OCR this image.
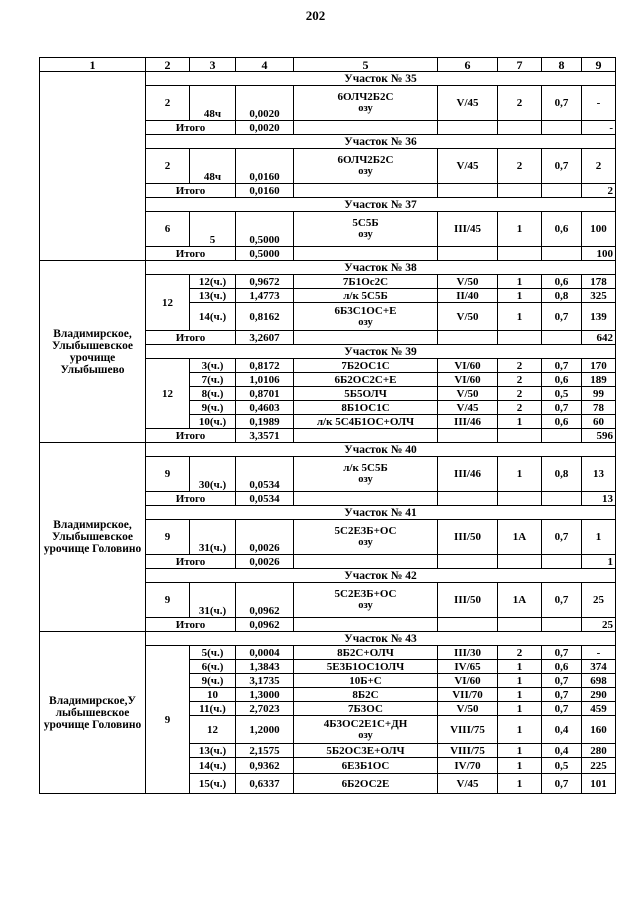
202
1	2	3	4	5	6	7	8	9
	Участок № 35							
	2	48ч	0,0020	6ОЛЧ2Б2С
озу	V/45	2	0,7	-
	Итого		0,0020					-
	Участок № 36							
	2	48ч	0,0160	6ОЛЧ2Б2С
озу	V/45	2	0,7	2
	Итого		0,0160					2
	Участок № 37							
	6	5	0,5000	5С5Б
озу	III/45	1	0,6	100
	Итого		0,5000					100
Владимирское, Улыбышевское урочище Улыбышево	Участок № 38							
	12	12(ч.)	0,9672	7Б1Ос2С	V/50	1	0,6	178
		13(ч.)	1,4773	л/к 5С5Б	II/40	1	0,8	325
		14(ч.)	0,8162	6Б3С1ОС+Е
озу	V/50	1	0,7	139
	Итого		3,2607					642
	Участок № 39							
	12	3(ч.)	0,8172	7Б2ОС1С	VI/60	2	0,7	170
		7(ч.)	1,0106	6Б2ОС2С+Е	VI/60	2	0,6	189
		8(ч.)	0,8701	5Б5ОЛЧ	V/50	2	0,5	99
		9(ч.)	0,4603	8Б1ОС1С	V/45	2	0,7	78
		10(ч.)	0,1989	л/к 5С4Б1ОС+ОЛЧ	III/46	1	0,6	60
	Итого		3,3571					596
Владимирское, Улыбышевское урочище Головино	Участок № 40							
	9	30(ч.)	0,0534	л/к 5С5Б
озу	III/46	1	0,8	13
	Итого		0,0534					13
	Участок № 41							
	9	31(ч.)	0,0026	5С2Е3Б+ОС
озу	III/50	1А	0,7	1
	Итого		0,0026					1
	Участок № 42							
	9	31(ч.)	0,0962	5С2Е3Б+ОС
озу	III/50	1А	0,7	25
	Итого		0,0962					25
Владимирское,У лыбышевское урочище Головино	Участок № 43							
	9	5(ч.)	0,0004	8Б2С+ОЛЧ	III/30	2	0,7	-
		6(ч.)	1,3843	5Е3Б1ОС1ОЛЧ	IV/65	1	0,6	374
		9(ч.)	3,1735	10Б+С	VI/60	1	0,7	698
		10	1,3000	8Б2С	VII/70	1	0,7	290
		11(ч.)	2,7023	7Б3ОС	V/50	1	0,7	459
		12	1,2000	4Б3ОС2Е1С+ДН
озу	VIII/75	1	0,4	160
		13(ч.)	2,1575	5Б2ОС3Е+ОЛЧ	VIII/75	1	0,4	280
		14(ч.)	0,9362	6Е3Б1ОС	IV/70	1	0,5	225
		15(ч.)	0,6337	6Б2ОС2Е	V/45	1	0,7	101
